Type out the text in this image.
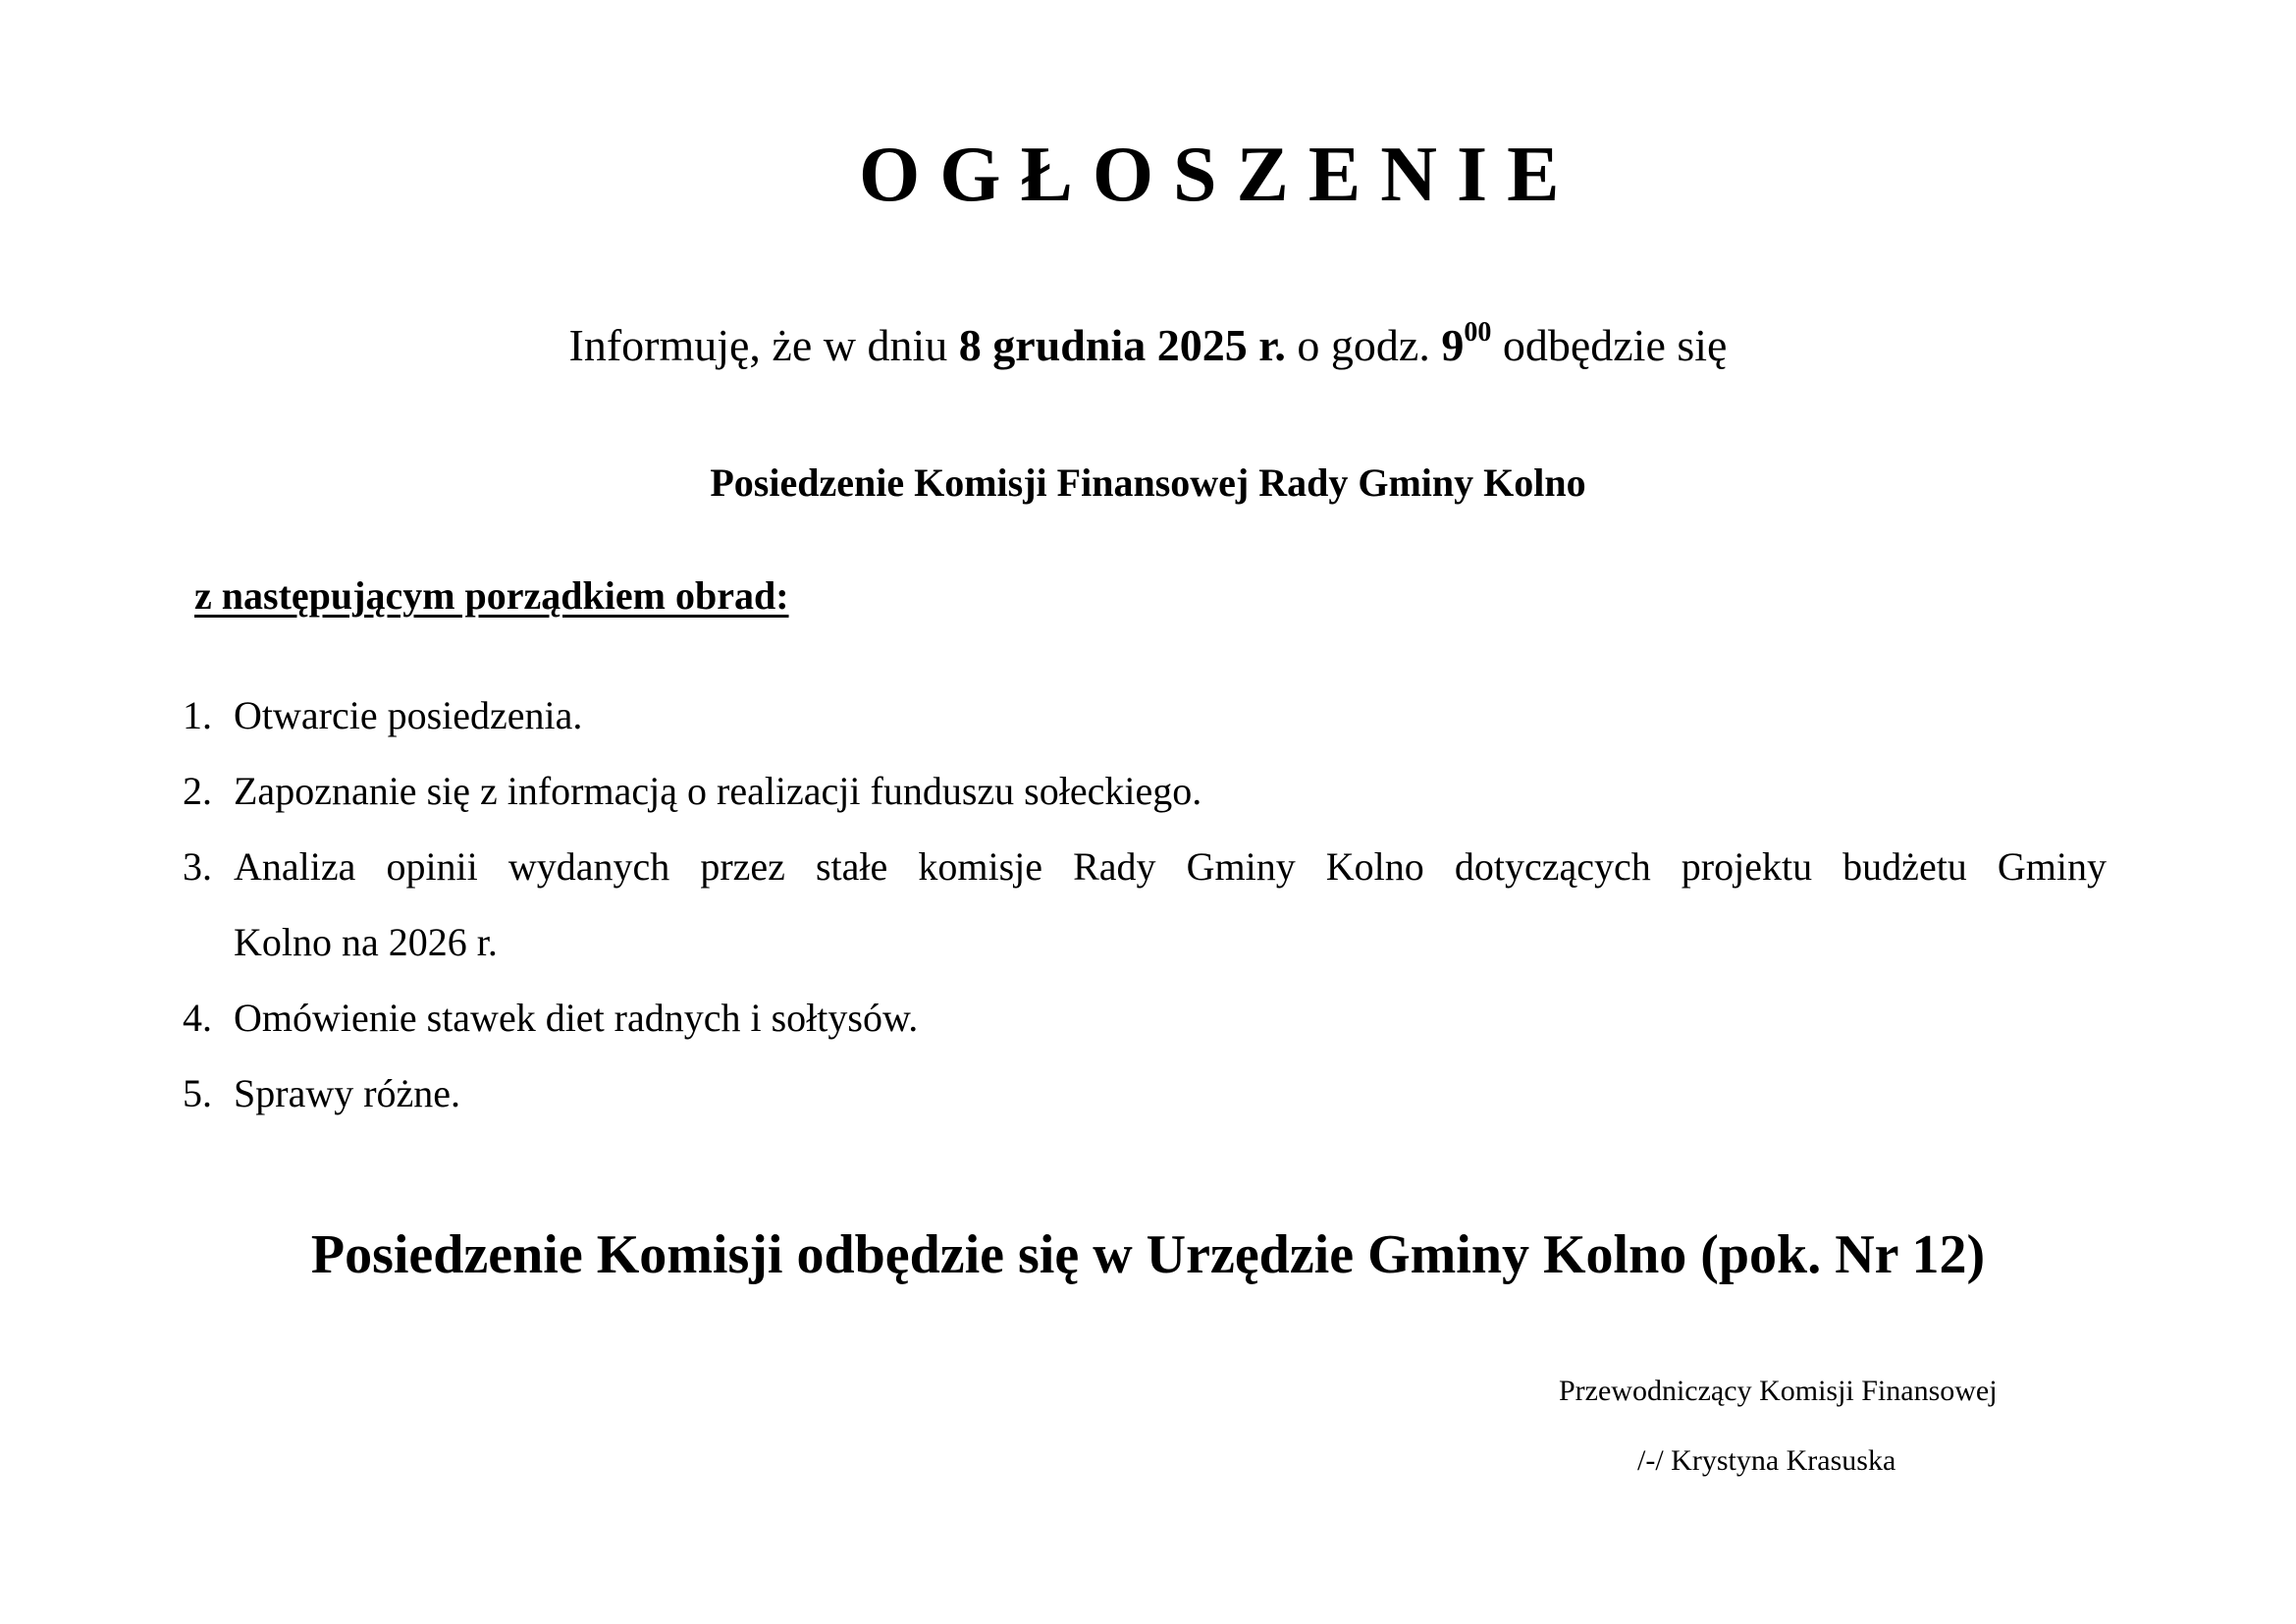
O G Ł O S Z E N I E
Informuję, że w dniu 8 grudnia 2025 r. o godz. $9^{00}$ odbędzie się
Posiedzenie Komisji Finansowej Rady Gminy Kolno
z następującym porządkiem obrad:
1. Otwarcie posiedzenia.
2. Zapoznanie się z informacją o realizacji funduszu sołeckiego.
3. Analiza opinii wydanych przez stałe komisje Rady Gminy Kolno dotyczących projektu budżetu Gminy
Kolno na 2026 r.
4. Omówienie stawek diet radnych i sołtysów.
5. Sprawy różne.
Posiedzenie Komisji odbędzie się w Urzędzie Gminy Kolno (pok. Nr 12)
Przewodniczący Komisji Finansowej
/-/ Krystyna Krasuska
